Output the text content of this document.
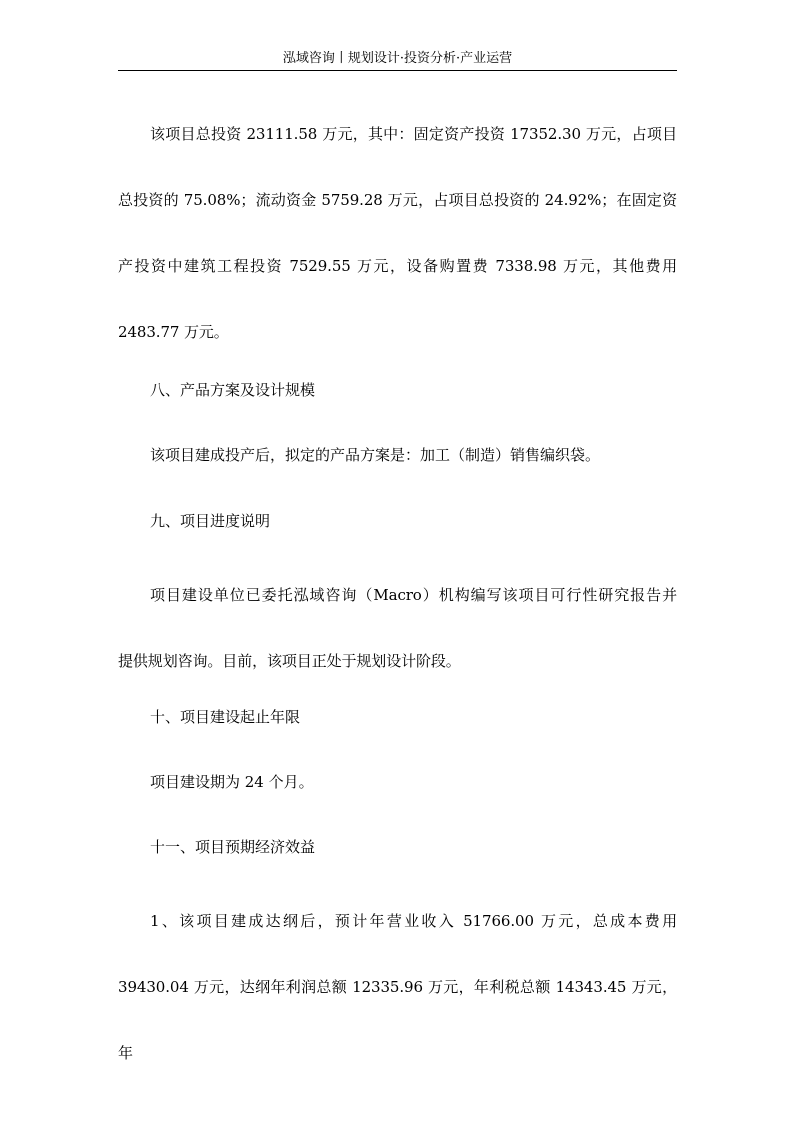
泓域咨询丨规划设计·投资分析·产业运营

该项目总投资 23111.58 万元，其中：固定资产投资 17352.30 万元，占项目

总投资的 75.08%；流动资金 5759.28 万元，占项目总投资的 24.92%；在固定资

产投资中建筑工程投资 7529.55 万元，设备购置费 7338.98 万元，其他费用

2483.77 万元。

八、产品方案及设计规模

该项目建成投产后，拟定的产品方案是：加工（制造）销售编织袋。

九、项目进度说明

项目建设单位已委托泓域咨询（Macro）机构编写该项目可行性研究报告并

提供规划咨询。目前，该项目正处于规划设计阶段。

十、项目建设起止年限

项目建设期为 24 个月。

十一、项目预期经济效益

1、该项目建成达纲后，预计年营业收入 51766.00 万元，总成本费用

39430.04 万元，达纲年利润总额 12335.96 万元，年利税总额 14343.45 万元，年
